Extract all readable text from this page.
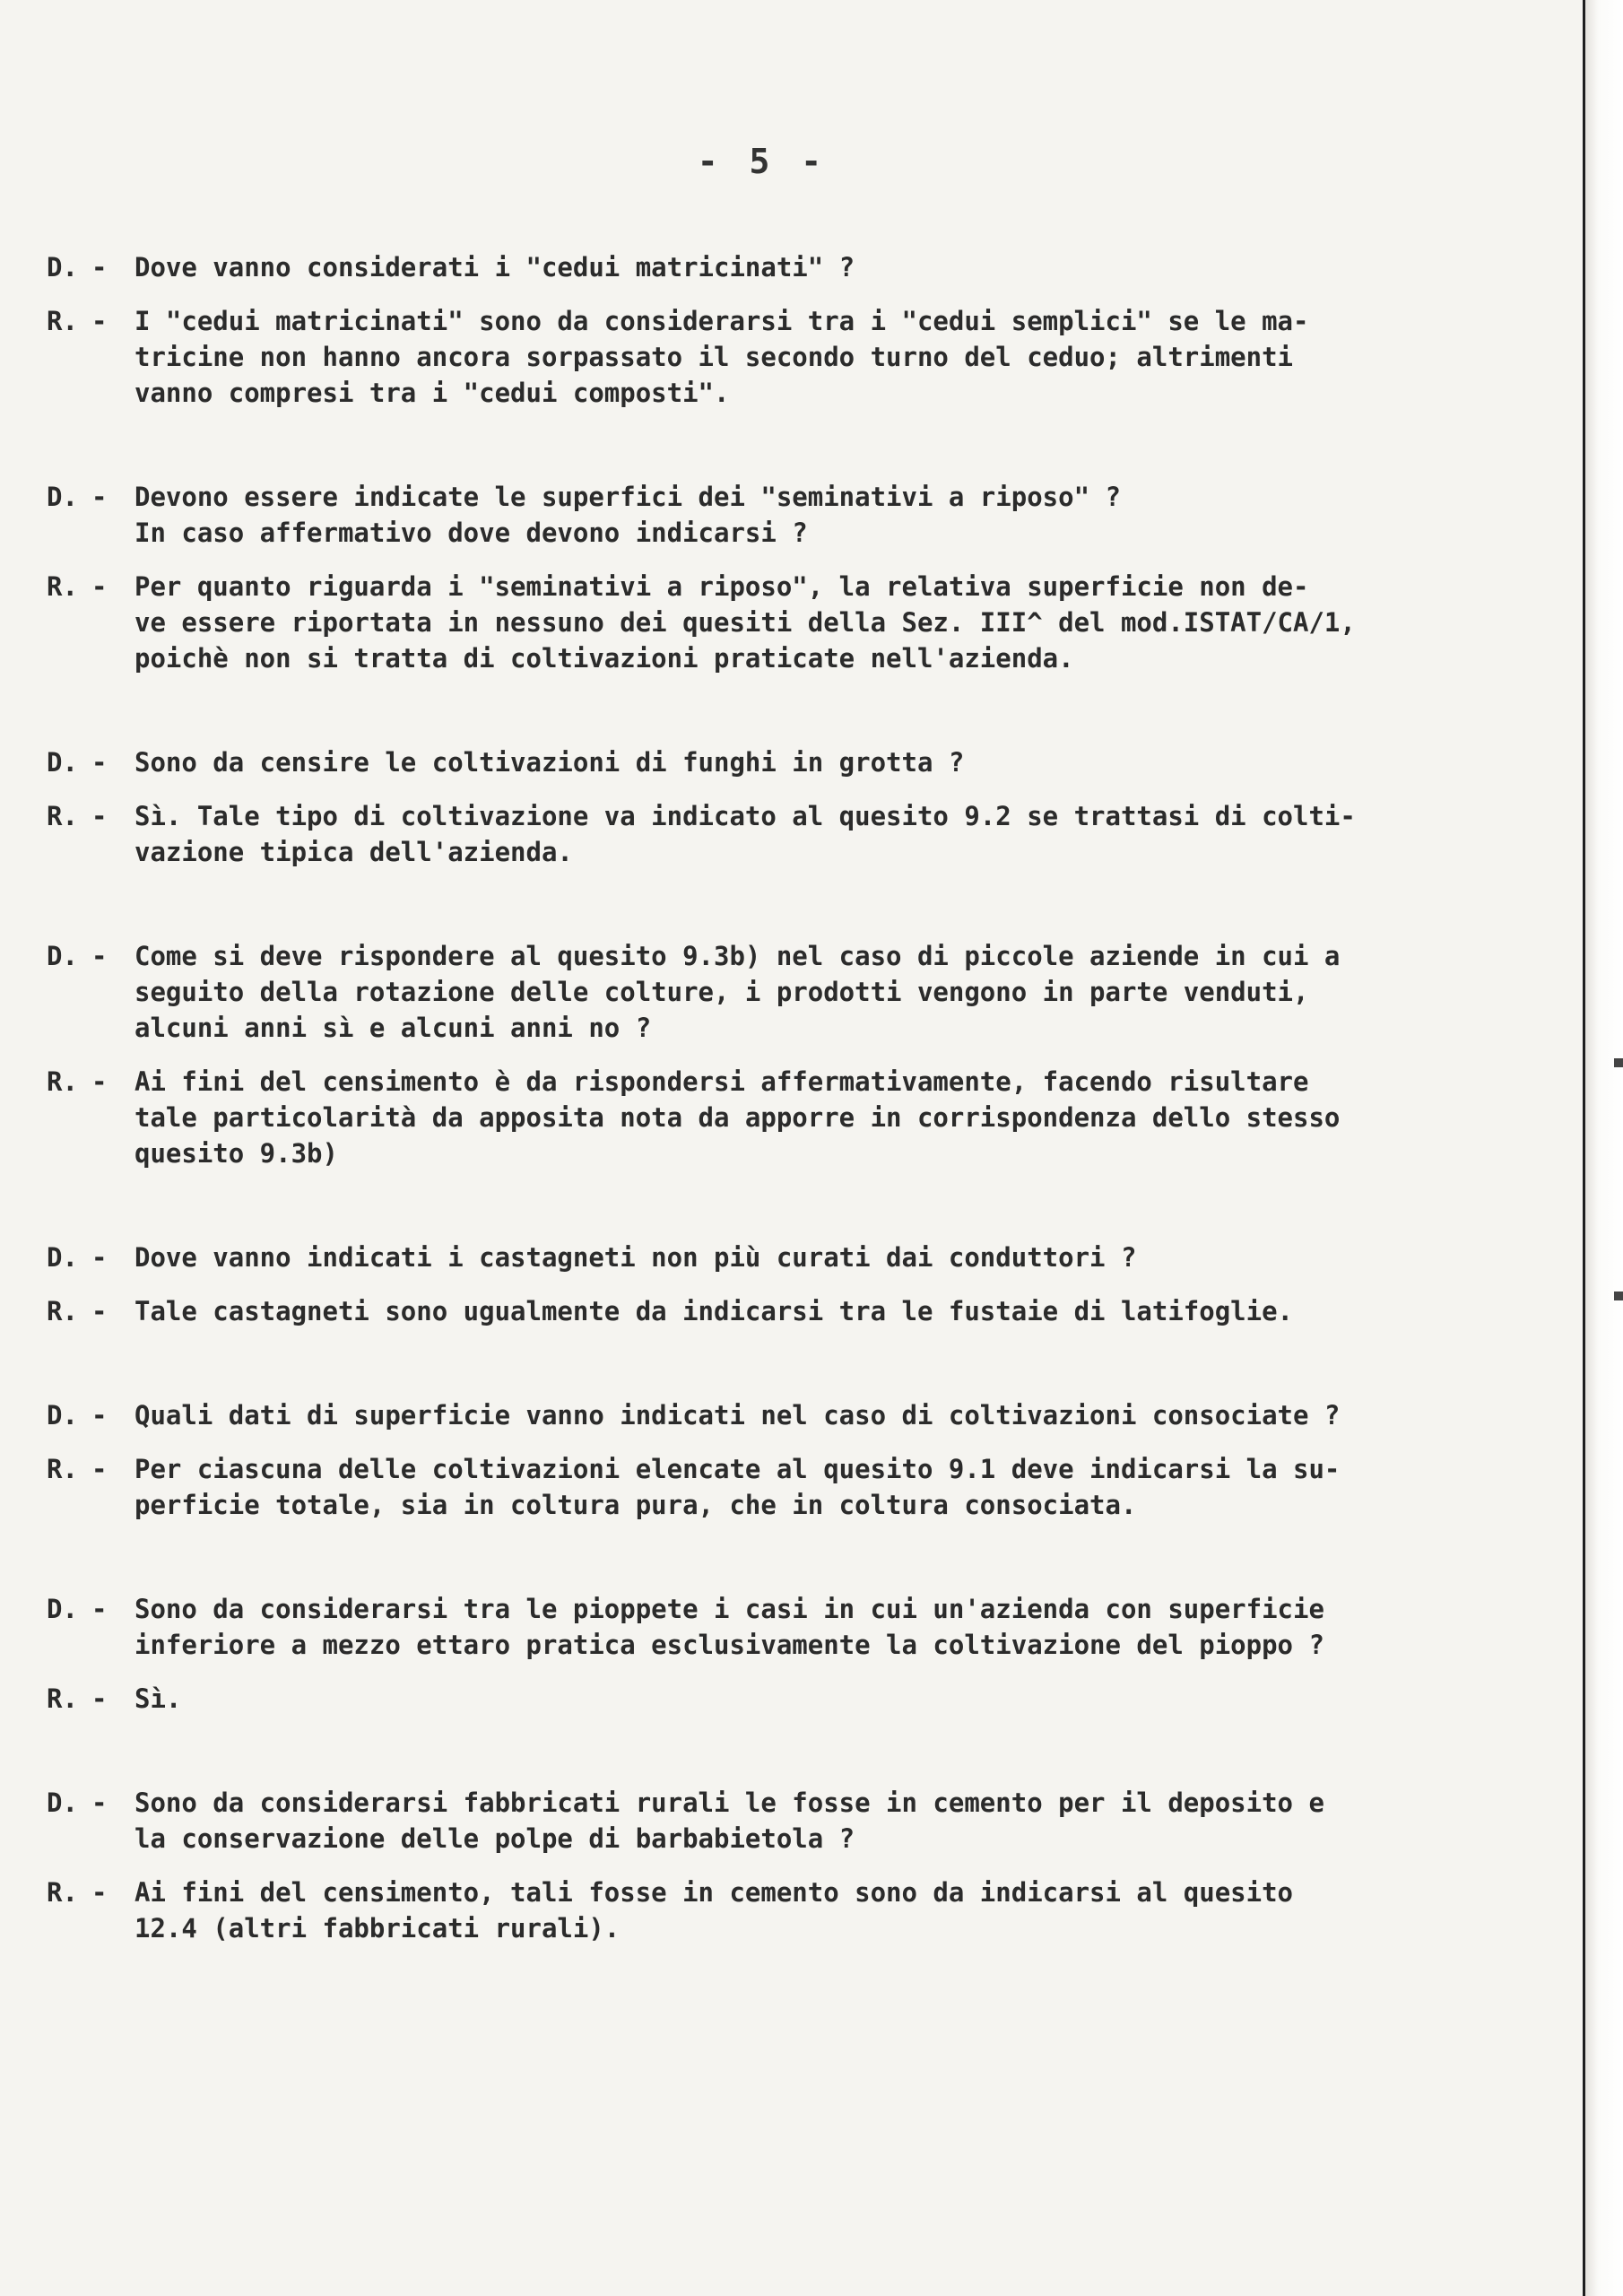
- 5 -
D. -	Dove vanno considerati i "cedui matricinati" ?
R. -	I "cedui matricinati" sono da considerarsi tra i "cedui semplici" se le ma-
tricine non hanno ancora sorpassato il secondo turno del ceduo; altrimenti
vanno compresi tra i "cedui composti".
D. -	Devono essere indicate le superfici dei "seminativi a riposo" ?
In caso affermativo dove devono indicarsi ?
R. -	Per quanto riguarda i "seminativi a riposo", la relativa superficie non de-
ve essere riportata in nessuno dei quesiti della Sez. III^ del mod.ISTAT/CA/1,
poichè non si tratta di coltivazioni praticate nell'azienda.
D. -	Sono da censire le coltivazioni di funghi in grotta ?
R. -	Sì. Tale tipo di coltivazione va indicato al quesito 9.2 se trattasi di colti-
vazione tipica dell'azienda.
D. -	Come si deve rispondere al quesito 9.3b) nel caso di piccole aziende in cui a
seguito della rotazione delle colture, i prodotti vengono in parte venduti,
alcuni anni sì e alcuni anni no ?
R. -	Ai fini del censimento è da rispondersi affermativamente, facendo risultare
tale particolarità da apposita nota da apporre in corrispondenza dello stesso
quesito 9.3b)
D. -	Dove vanno indicati i castagneti non più curati dai conduttori ?
R. -	Tale castagneti sono ugualmente da indicarsi tra le fustaie di latifoglie.
D. -	Quali dati di superficie vanno indicati nel caso di coltivazioni consociate ?
R. -	Per ciascuna delle coltivazioni elencate al quesito 9.1 deve indicarsi la su-
perficie totale, sia in coltura pura, che in coltura consociata.
D. -	Sono da considerarsi tra le pioppete i casi in cui un'azienda con superficie
inferiore a mezzo ettaro pratica esclusivamente la coltivazione del pioppo ?
R. -	Sì.
D. -	Sono da considerarsi fabbricati rurali le fosse in cemento per il deposito e
la conservazione delle polpe di barbabietola ?
R. -	Ai fini del censimento, tali fosse in cemento sono da indicarsi al quesito
12.4 (altri fabbricati rurali).
